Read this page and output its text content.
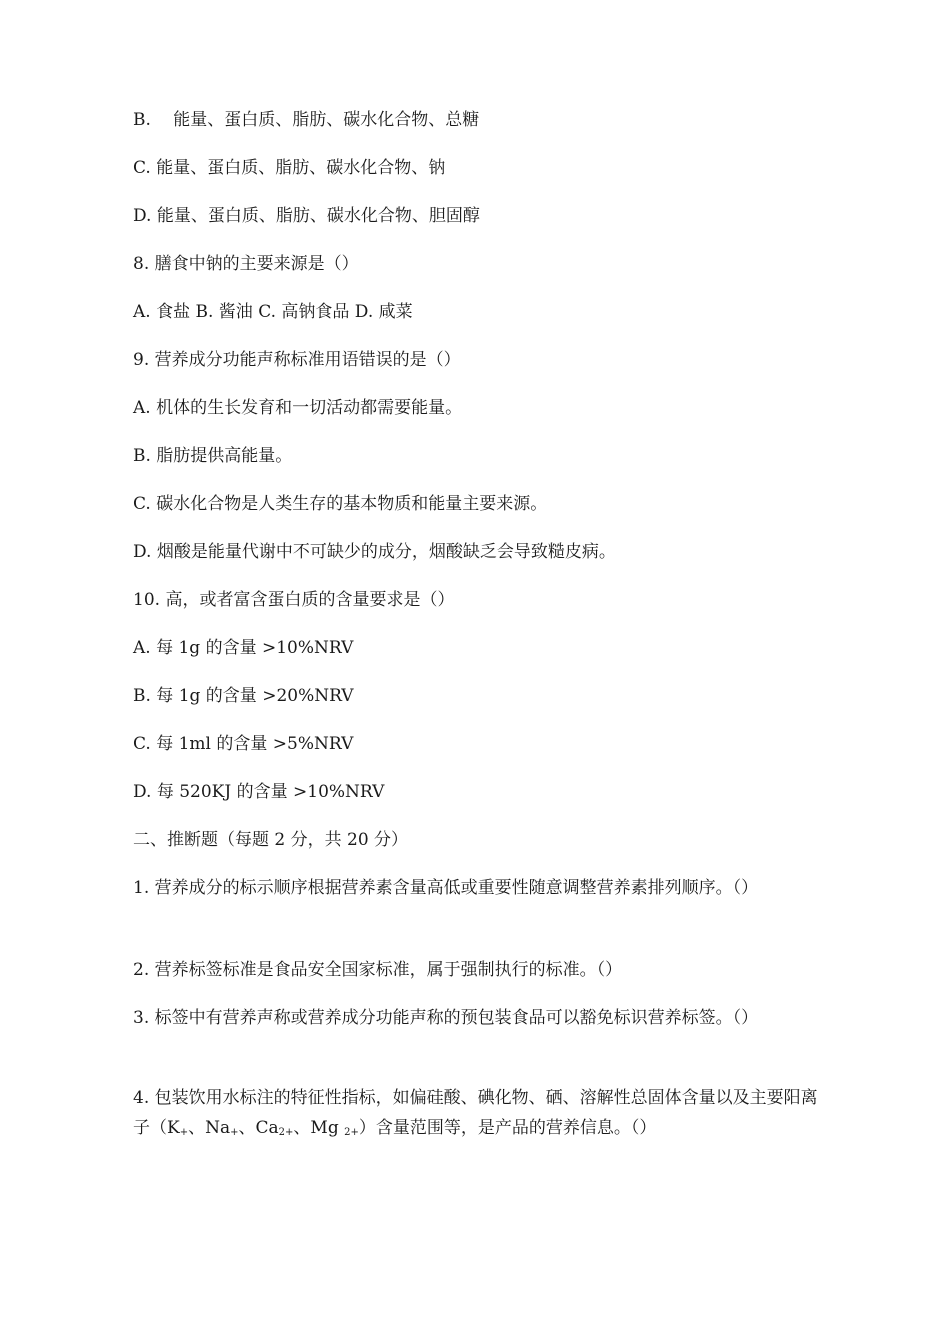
B.　 能量、蛋白质、脂肪、碳水化合物、总糖
C. 能量、蛋白质、脂肪、碳水化合物、钠
D. 能量、蛋白质、脂肪、碳水化合物、胆固醇
8. 膳食中钠的主要来源是（）
A. 食盐 B. 酱油 C. 高钠食品 D. 咸菜
9. 营养成分功能声称标准用语错误的是（）
A. 机体的生长发育和一切活动都需要能量。
B. 脂肪提供高能量。
C. 碳水化合物是人类生存的基本物质和能量主要来源。
D. 烟酸是能量代谢中不可缺少的成分，烟酸缺乏会导致糙皮病。
10. 高，或者富含蛋白质的含量要求是（）
A. 每 1g 的含量 >10%NRV
B. 每 1g 的含量 >20%NRV
C. 每 1ml 的含量 >5%NRV
D. 每 520KJ 的含量 >10%NRV
二、推断题（每题 2 分，共 20 分）
1. 营养成分的标示顺序根据营养素含量高低或重要性随意调整营养素排列顺序。（）
2. 营养标签标准是食品安全国家标准，属于强制执行的标准。（）
3. 标签中有营养声称或营养成分功能声称的预包装食品可以豁免标识营养标签。（）
4. 包装饮用水标注的特征性指标，如偏硅酸、碘化物、硒、溶解性总固体含量以及主要阳离子（$K_+$、$Na_+$、$Ca_{2+}$、Mg $_{2+}$）含量范围等，是产品的营养信息。（）
